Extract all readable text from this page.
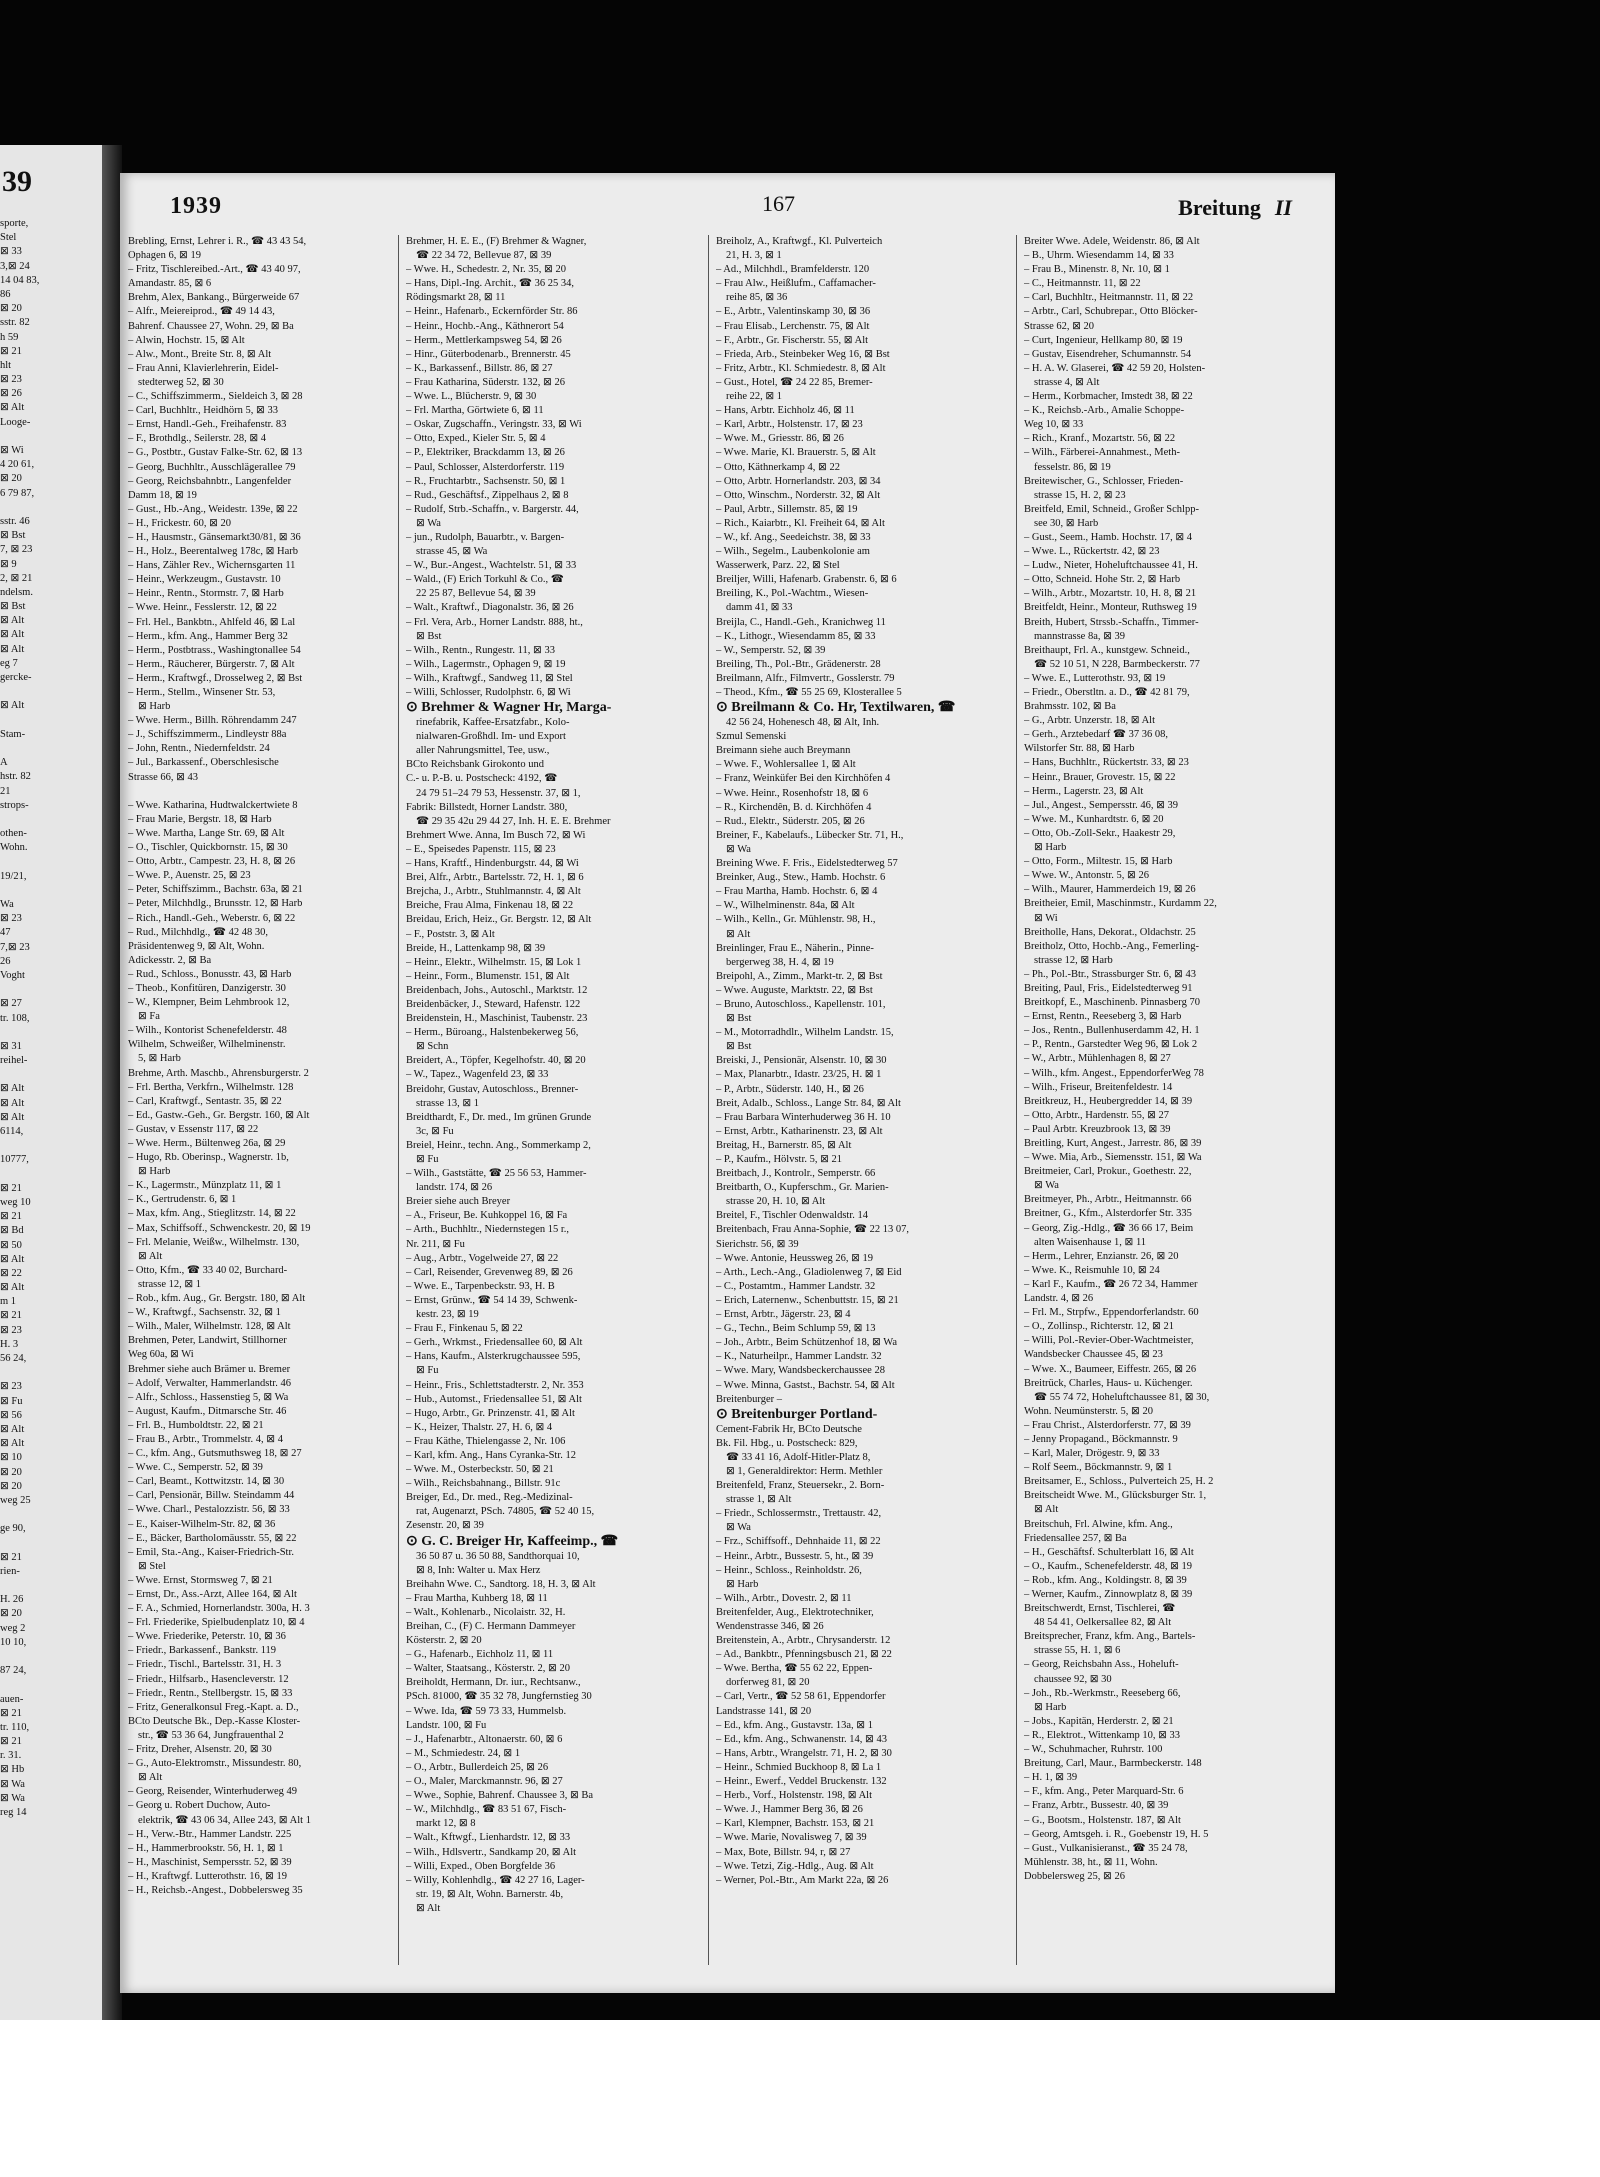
39
sporte,
Stel
⊠ 33
3,⊠ 24
14 04 83,
86
⊠ 20
sstr. 82
h 59
⊠ 21
hlt
⊠ 23
⊠ 26
⊠ Alt
Looge-
⊠ Wi
4 20 61,
⊠ 20
6 79 87,
sstr. 46
⊠ Bst
7, ⊠ 23
⊠ 9
2, ⊠ 21
ndelsm.
⊠ Bst
⊠ Alt
⊠ Alt
⊠ Alt
eg 7
gercke-
⊠ Alt
Stam-
A
hstr. 82
21
strops-
othen-
Wohn.
19/21,
Wa
⊠ 23
47
7,⊠ 23
26
Voght
⊠ 27
tr. 108,
⊠ 31
reihel-
⊠ Alt
⊠ Alt
⊠ Alt
6114,
10777,
⊠ 21
weg 10
⊠ 21
⊠ Bd
⊠ 50
⊠ Alt
⊠ 22
⊠ Alt
m 1
⊠ 21
⊠ 23
H. 3
56 24,
⊠ 23
⊠ Fu
⊠ 56
⊠ Alt
⊠ Alt
⊠ 10
⊠ 20
⊠ 20
weg 25
ge 90,
⊠ 21
rien-
H. 26
⊠ 20
weg 2
10 10,
87 24,
auen-
⊠ 21
tr. 110,
⊠ 21
r. 31.
⊠ Hb
⊠ Wa
⊠ Wa
reg 14
1939	167	Breitung II
Brebling, Ernst, Lehrer i. R., ☎ 43 43 54,
Ophagen 6, ⊠ 19
– Fritz, Tischlereibed.-Art., ☎ 43 40 97,
Amandastr. 85, ⊠ 6
Brehm, Alex, Bankang., Bürgerweide 67
– Alfr., Meiereiprod., ☎ 49 14 43,
Bahrenf. Chaussee 27, Wohn. 29, ⊠ Ba
– Alwin, Hochstr. 15, ⊠ Alt
– Alw., Mont., Breite Str. 8, ⊠ Alt
– Frau Anni, Klavierlehrerin, Eidel-
stedterweg 52, ⊠ 30
– C., Schiffszimmerm., Sieldeich 3, ⊠ 28
– Carl, Buchhltr., Heidhörn 5, ⊠ 33
– Ernst, Handl.-Geh., Freihafenstr. 83
– F., Brothdlg., Seilerstr. 28, ⊠ 4
– G., Postbtr., Gustav Falke-Str. 62, ⊠ 13
– Georg, Buchhltr., Ausschlägerallee 79
– Georg, Reichsbahnbtr., Langenfelder
Damm 18, ⊠ 19
– Gust., Hb.-Ang., Weidestr. 139e, ⊠ 22
– H., Frickestr. 60, ⊠ 20
– H., Hausmstr., Gänsemarkt30/81, ⊠ 36
– H., Holz., Beerentalweg 178c, ⊠ Harb
– Hans, Zähler Rev., Wichernsgarten 11
– Heinr., Werkzeugm., Gustavstr. 10
– Heinr., Rentn., Stormstr. 7, ⊠ Harb
– Wwe. Heinr., Fesslerstr. 12, ⊠ 22
– Frl. Hel., Bankbtn., Ahlfeld 46, ⊠ Lal
– Herm., kfm. Ang., Hammer Berg 32
– Herm., Postbtrass., Washingtonallee 54
– Herm., Räucherer, Bürgerstr. 7, ⊠ Alt
– Herm., Kraftwgf., Drosselweg 2, ⊠ Bst
– Herm., Stellm., Winsener Str. 53,
⊠ Harb
– Wwe. Herm., Billh. Röhrendamm 247
– J., Schiffszimmerm., Lindleystr 88a
– John, Rentn., Niedernfeldstr. 24
– Jul., Barkassenf., Oberschlesische
Strasse 66, ⊠ 43
– Wwe. Katharina, Hudtwalckertwiete 8
– Frau Marie, Bergstr. 18, ⊠ Harb
– Wwe. Martha, Lange Str. 69, ⊠ Alt
– O., Tischler, Quickbornstr. 15, ⊠ 30
– Otto, Arbtr., Campestr. 23, H. 8, ⊠ 26
– Wwe. P., Auenstr. 25, ⊠ 23
– Peter, Schiffszimm., Bachstr. 63a, ⊠ 21
– Peter, Milchhdlg., Brunsstr. 12, ⊠ Harb
– Rich., Handl.-Geh., Weberstr. 6, ⊠ 22
– Rud., Milchhdlg., ☎ 42 48 30,
Präsidentenweg 9, ⊠ Alt, Wohn.
Adickesstr. 2, ⊠ Ba
– Rud., Schloss., Bonusstr. 43, ⊠ Harb
– Theob., Konfitüren, Danzigerstr. 30
– W., Klempner, Beim Lehmbrook 12,
⊠ Fa
– Wilh., Kontorist Schenefelderstr. 48
Wilhelm, Schweißer, Wilhelminenstr.
5, ⊠ Harb
Brehme, Arth. Maschb., Ahrensburgerstr. 2
– Frl. Bertha, Verkfrn., Wilhelmstr. 128
– Carl, Kraftwgf., Sentastr. 35, ⊠ 22
– Ed., Gastw.-Geh., Gr. Bergstr. 160, ⊠ Alt
– Gustav, v Essenstr 117, ⊠ 22
– Wwe. Herm., Bültenweg 26a, ⊠ 29
– Hugo, Rb. Oberinsp., Wagnerstr. 1b,
⊠ Harb
– K., Lagermstr., Münzplatz 11, ⊠ 1
– K., Gertrudenstr. 6, ⊠ 1
– Max, kfm. Ang., Stieglitzstr. 14, ⊠ 22
– Max, Schiffsoff., Schwenckestr. 20, ⊠ 19
– Frl. Melanie, Weißw., Wilhelmstr. 130,
⊠ Alt
– Otto, Kfm., ☎ 33 40 02, Burchard-
strasse 12, ⊠ 1
– Rob., kfm. Aug., Gr. Bergstr. 180, ⊠ Alt
– W., Kraftwgf., Sachsenstr. 32, ⊠ 1
– Wilh., Maler, Wilhelmstr. 128, ⊠ Alt
Brehmen, Peter, Landwirt, Stillhorner
Weg 60a, ⊠ Wi
Brehmer siehe auch Brämer u. Bremer
– Adolf, Verwalter, Hammerlandstr. 46
– Alfr., Schloss., Hassenstieg 5, ⊠ Wa
– August, Kaufm., Ditmarsche Str. 46
– Frl. B., Humboldtstr. 22, ⊠ 21
– Frau B., Arbtr., Trommelstr. 4, ⊠ 4
– C., kfm. Ang., Gutsmuthsweg 18, ⊠ 27
– Wwe. C., Semperstr. 52, ⊠ 39
– Carl, Beamt., Kottwitzstr. 14, ⊠ 30
– Carl, Pensionär, Billw. Steindamm 44
– Wwe. Charl., Pestalozzistr. 56, ⊠ 33
– E., Kaiser-Wilhelm-Str. 82, ⊠ 36
– E., Bäcker, Bartholomäusstr. 55, ⊠ 22
– Emil, Sta.-Ang., Kaiser-Friedrich-Str.
⊠ Stel
– Wwe. Ernst, Stormsweg 7, ⊠ 21
– Ernst, Dr., Ass.-Arzt, Allee 164, ⊠ Alt
– F. A., Schmied, Hornerlandstr. 300a, H. 3
– Frl. Friederike, Spielbudenplatz 10, ⊠ 4
– Wwe. Friederike, Peterstr. 10, ⊠ 36
– Friedr., Barkassenf., Bankstr. 119
– Friedr., Tischl., Bartelsstr. 31, H. 3
– Friedr., Hilfsarb., Hasencleverstr. 12
– Friedr., Rentn., Stellbergstr. 15, ⊠ 33
– Fritz, Generalkonsul Freg.-Kapt. a. D.,
BCto Deutsche Bk., Dep.-Kasse Kloster-
str., ☎ 53 36 64, Jungfrauenthal 2
– Fritz, Dreher, Alsenstr. 20, ⊠ 30
– G., Auto-Elektromstr., Missundestr. 80,
⊠ Alt
– Georg, Reisender, Winterhuderweg 49
– Georg u. Robert Duchow, Auto-
elektrik, ☎ 43 06 34, Allee 243, ⊠ Alt 1
– H., Verw.-Btr., Hammer Landstr. 225
– H., Hammerbrookstr. 56, H. 1, ⊠ 1
– H., Maschinist, Sempersstr. 52, ⊠ 39
– H., Kraftwgf. Lutterothstr. 16, ⊠ 19
– H., Reichsb.-Angest., Dobbelersweg 35
Brehmer, H. E. E., (F) Brehmer & Wagner,
☎ 22 34 72, Bellevue 87, ⊠ 39
– Wwe. H., Schedestr. 2, Nr. 35, ⊠ 20
– Hans, Dipl.-Ing. Archit., ☎ 36 25 34,
Rödingsmarkt 28, ⊠ 11
– Heinr., Hafenarb., Eckernförder Str. 86
– Heinr., Hochb.-Ang., Käthnerort 54
– Herm., Mettlerkampsweg 54, ⊠ 26
– Hinr., Güterbodenarb., Brennerstr. 45
– K., Barkassenf., Billstr. 86, ⊠ 27
– Frau Katharina, Süderstr. 132, ⊠ 26
– Wwe. L., Blücherstr. 9, ⊠ 30
– Frl. Martha, Görtwiete 6, ⊠ 11
– Oskar, Zugschaffn., Veringstr. 33, ⊠ Wi
– Otto, Exped., Kieler Str. 5, ⊠ 4
– P., Elektriker, Brackdamm 13, ⊠ 26
– Paul, Schlosser, Alsterdorferstr. 119
– R., Fruchtarbtr., Sachsenstr. 50, ⊠ 1
– Rud., Geschäftsf., Zippelhaus 2, ⊠ 8
– Rudolf, Strb.-Schaffn., v. Bargerstr. 44,
⊠ Wa
– jun., Rudolph, Bauarbtr., v. Bargen-
strasse 45, ⊠ Wa
– W., Bur.-Angest., Wachtelstr. 51, ⊠ 33
– Wald., (F) Erich Torkuhl & Co., ☎
22 25 87, Bellevue 54, ⊠ 39
– Walt., Kraftwf., Diagonalstr. 36, ⊠ 26
– Frl. Vera, Arb., Horner Landstr. 888, ht.,
⊠ Bst
– Wilh., Rentn., Rungestr. 11, ⊠ 33
– Wilh., Lagermstr., Ophagen 9, ⊠ 19
– Wilh., Kraftwgf., Sandweg 11, ⊠ Stel
– Willi, Schlosser, Rudolphstr. 6, ⊠ Wi
⊙ Brehmer & Wagner Hr, Marga-
rinefabrik, Kaffee-Ersatzfabr., Kolo-
nialwaren-Großhdl. Im- und Export
aller Nahrungsmittel, Tee, usw.,
BCto Reichsbank Girokonto und
C.- u. P.-B. u. Postscheck: 4192, ☎
24 79 51–24 79 53, Hessenstr. 37, ⊠ 1,
Fabrik: Billstedt, Horner Landstr. 380,
☎ 29 35 42u 29 44 27, Inh. H. E. E. Brehmer
Brehmert Wwe. Anna, Im Busch 72, ⊠ Wi
– E., Speisedes Papenstr. 115, ⊠ 23
– Hans, Kraftf., Hindenburgstr. 44, ⊠ Wi
Brei, Alfr., Arbtr., Bartelsstr. 72, H. 1, ⊠ 6
Brejcha, J., Arbtr., Stuhlmannstr. 4, ⊠ Alt
Breiche, Frau Alma, Finkenau 18, ⊠ 22
Breidau, Erich, Heiz., Gr. Bergstr. 12, ⊠ Alt
– F., Poststr. 3, ⊠ Alt
Breide, H., Lattenkamp 98, ⊠ 39
– Heinr., Elektr., Wilhelmstr. 15, ⊠ Lok 1
– Heinr., Form., Blumenstr. 151, ⊠ Alt
Breidenbach, Johs., Autoschl., Marktstr. 12
Breidenbäcker, J., Steward, Hafenstr. 122
Breidenstein, H., Maschinist, Taubenstr. 23
– Herm., Büroang., Halstenbekerweg 56,
⊠ Schn
Breidert, A., Töpfer, Kegelhofstr. 40, ⊠ 20
– W., Tapez., Wagenfeld 23, ⊠ 33
Breidohr, Gustav, Autoschloss., Brenner-
strasse 13, ⊠ 1
Breidthardt, F., Dr. med., Im grünen Grunde
3c, ⊠ Fu
Breiel, Heinr., techn. Ang., Sommerkamp 2,
⊠ Fu
– Wilh., Gaststätte, ☎ 25 56 53, Hammer-
landstr. 174, ⊠ 26
Breier siehe auch Breyer
– A., Friseur, Be. Kuhkoppel 16, ⊠ Fa
– Arth., Buchhltr., Niedernstegen 15 r.,
Nr. 211, ⊠ Fu
– Aug., Arbtr., Vogelweide 27, ⊠ 22
– Carl, Reisender, Grevenweg 89, ⊠ 26
– Wwe. E., Tarpenbeckstr. 93, H. B
– Ernst, Grünw., ☎ 54 14 39, Schwenk-
kestr. 23, ⊠ 19
– Frau F., Finkenau 5, ⊠ 22
– Gerh., Wrkmst., Friedensallee 60, ⊠ Alt
– Hans, Kaufm., Alsterkrugchaussee 595,
⊠ Fu
– Heinr., Fris., Schlettstadterstr. 2, Nr. 353
– Hub., Automst., Friedensallee 51, ⊠ Alt
– Hugo, Arbtr., Gr. Prinzenstr. 41, ⊠ Alt
– K., Heizer, Thalstr. 27, H. 6, ⊠ 4
– Frau Käthe, Thielengasse 2, Nr. 106
– Karl, kfm. Ang., Hans Cyranka-Str. 12
– Wwe. M., Osterbeckstr. 50, ⊠ 21
– Wilh., Reichsbahnang., Billstr. 91c
Breiger, Ed., Dr. med., Reg.-Medizinal-
rat, Augenarzt, PSch. 74805, ☎ 52 40 15,
Zesenstr. 20, ⊠ 39
⊙ G. C. Breiger Hr, Kaffeeimp., ☎
36 50 87 u. 36 50 88, Sandthorquai 10,
⊠ 8, Inh: Walter u. Max Herz
Breihahn Wwe. C., Sandtorg. 18, H. 3, ⊠ Alt
– Frau Martha, Kuhberg 18, ⊠ 11
– Walt., Kohlenarb., Nicolaistr. 32, H.
Breihan, C., (F) C. Hermann Dammeyer
Kösterstr. 2, ⊠ 20
– G., Hafenarb., Eichholz 11, ⊠ 11
– Walter, Staatsang., Kösterstr. 2, ⊠ 20
Breiholdt, Hermann, Dr. iur., Rechtsanw.,
PSch. 81000, ☎ 35 32 78, Jungfernstieg 30
– Wwe. Ida, ☎ 59 73 33, Hummelsb.
Landstr. 100, ⊠ Fu
– J., Hafenarbtr., Altonaerstr. 60, ⊠ 6
– M., Schmiedestr. 24, ⊠ 1
– O., Arbtr., Bullerdeich 25, ⊠ 26
– O., Maler, Marckmannstr. 96, ⊠ 27
– Wwe., Sophie, Bahrenf. Chaussee 3, ⊠ Ba
– W., Milchhdlg., ☎ 83 51 67, Fisch-
markt 12, ⊠ 8
– Walt., Kftwgf., Lienhardstr. 12, ⊠ 33
– Wilh., Hdlsvertr., Sandkamp 20, ⊠ Alt
– Willi, Exped., Oben Borgfelde 36
– Willy, Kohlenhdlg., ☎ 42 27 16, Lager-
str. 19, ⊠ Alt, Wohn. Barnerstr. 4b,
⊠ Alt
Breiholz, A., Kraftwgf., Kl. Pulverteich
21, H. 3, ⊠ 1
– Ad., Milchhdl., Bramfelderstr. 120
– Frau Alw., Heißlufm., Caffamacher-
reihe 85, ⊠ 36
– E., Arbtr., Valentinskamp 30, ⊠ 36
– Frau Elisab., Lerchenstr. 75, ⊠ Alt
– F., Arbtr., Gr. Fischerstr. 55, ⊠ Alt
– Frieda, Arb., Steinbeker Weg 16, ⊠ Bst
– Fritz, Arbtr., Kl. Schmiedestr. 8, ⊠ Alt
– Gust., Hotel, ☎ 24 22 85, Bremer-
reihe 22, ⊠ 1
– Hans, Arbtr. Eichholz 46, ⊠ 11
– Karl, Arbtr., Holstenstr. 17, ⊠ 23
– Wwe. M., Griesstr. 86, ⊠ 26
– Wwe. Marie, Kl. Brauerstr. 5, ⊠ Alt
– Otto, Käthnerkamp 4, ⊠ 22
– Otto, Arbtr. Hornerlandstr. 203, ⊠ 34
– Otto, Winschm., Norderstr. 32, ⊠ Alt
– Paul, Arbtr., Sillemstr. 85, ⊠ 19
– Rich., Kaiarbtr., Kl. Freiheit 64, ⊠ Alt
– W., kf. Ang., Seedeichstr. 38, ⊠ 33
– Wilh., Segelm., Laubenkolonie am
Wasserwerk, Parz. 22, ⊠ Stel
Breiljer, Willi, Hafenarb. Grabenstr. 6, ⊠ 6
Breiling, K., Pol.-Wachtm., Wiesen-
damm 41, ⊠ 33
Breijla, C., Handl.-Geh., Kranichweg 11
– K., Lithogr., Wiesendamm 85, ⊠ 33
– W., Semperstr. 52, ⊠ 39
Breiling, Th., Pol.-Btr., Grädenerstr. 28
Breilmann, Alfr., Filmvertr., Gosslerstr. 79
– Theod., Kfm., ☎ 55 25 69, Klosterallee 5
⊙ Breilmann & Co. Hr, Textilwaren, ☎
42 56 24, Hohenesch 48, ⊠ Alt, Inh.
Szmul Semenski
Breimann siehe auch Breymann
– Wwe. F., Wohlersallee 1, ⊠ Alt
– Franz, Weinküfer Bei den Kirchhöfen 4
– Wwe. Heinr., Rosenhofstr 18, ⊠ 6
– R., Kirchendên, B. d. Kirchhöfen 4
– Rud., Elektr., Süderstr. 205, ⊠ 26
Breiner, F., Kabelaufs., Lübecker Str. 71, H.,
⊠ Wa
Breining Wwe. F. Fris., Eidelstedterweg 57
Breinker, Aug., Stew., Hamb. Hochstr. 6
– Frau Martha, Hamb. Hochstr. 6, ⊠ 4
– W., Wilhelminenstr. 84a, ⊠ Alt
– Wilh., Kelln., Gr. Mühlenstr. 98, H.,
⊠ Alt
Breinlinger, Frau E., Näherin., Pinne-
bergerweg 38, H. 4, ⊠ 19
Breipohl, A., Zimm., Markt-tr. 2, ⊠ Bst
– Wwe. Auguste, Marktstr. 22, ⊠ Bst
– Bruno, Autoschloss., Kapellenstr. 101,
⊠ Bst
– M., Motorradhdlr., Wilhelm Landstr. 15,
⊠ Bst
Breiski, J., Pensionär, Alsenstr. 10, ⊠ 30
– Max, Planarbtr., Idastr. 23/25, H. ⊠ 1
– P., Arbtr., Süderstr. 140, H., ⊠ 26
Breit, Adalb., Schloss., Lange Str. 84, ⊠ Alt
– Frau Barbara Winterhuderweg 36 H. 10
– Ernst, Arbtr., Katharinenstr. 23, ⊠ Alt
Breitag, H., Barnerstr. 85, ⊠ Alt
– P., Kaufm., Hölvstr. 5, ⊠ 21
Breitbach, J., Kontrolr., Semperstr. 66
Breitbarth, O., Kupferschm., Gr. Marien-
strasse 20, H. 10, ⊠ Alt
Breitel, F., Tischler Odenwaldstr. 14
Breitenbach, Frau Anna-Sophie, ☎ 22 13 07,
Sierichstr. 56, ⊠ 39
– Wwe. Antonie, Heussweg 26, ⊠ 19
– Arth., Lech.-Ang., Gladiolenweg 7, ⊠ Eid
– C., Postamtm., Hammer Landstr. 32
– Erich, Laternenw., Schenbuttstr. 15, ⊠ 21
– Ernst, Arbtr., Jägerstr. 23, ⊠ 4
– G., Techn., Beim Schlump 59, ⊠ 13
– Joh., Arbtr., Beim Schützenhof 18, ⊠ Wa
– K., Naturheilpr., Hammer Landstr. 32
– Wwe. Mary, Wandsbeckerchaussee 28
– Wwe. Minna, Gastst., Bachstr. 54, ⊠ Alt
Breitenburger –
⊙ Breitenburger Portland-
Cement-Fabrik Hr, BCto Deutsche
Bk. Fil. Hbg., u. Postscheck: 829,
☎ 33 41 16, Adolf-Hitler-Platz 8,
⊠ 1, Generaldirektor: Herm. Methler
Breitenfeld, Franz, Steuersekr., 2. Born-
strasse 1, ⊠ Alt
– Friedr., Schlossermstr., Trettaustr. 42,
⊠ Wa
– Frz., Schiffsoff., Dehnhaide 11, ⊠ 22
– Heinr., Arbtr., Bussestr. 5, ht., ⊠ 39
– Heinr., Schloss., Reinholdstr. 26,
⊠ Harb
– Wilh., Arbtr., Dovestr. 2, ⊠ 11
Breitenfelder, Aug., Elektrotechniker,
Wendenstrasse 346, ⊠ 26
Breitenstein, A., Arbtr., Chrysanderstr. 12
– Ad., Bankbtr., Pfenningsbusch 21, ⊠ 22
– Wwe. Bertha, ☎ 55 62 22, Eppen-
dorferweg 81, ⊠ 20
– Carl, Vertr., ☎ 52 58 61, Eppendorfer
Landstrasse 141, ⊠ 20
– Ed., kfm. Ang., Gustavstr. 13a, ⊠ 1
– Ed., kfm. Ang., Schwanenstr. 14, ⊠ 43
– Hans, Arbtr., Wrangelstr. 71, H. 2, ⊠ 30
– Heinr., Schmied Buckhoop 8, ⊠ La 1
– Heinr., Ewerf., Veddel Bruckenstr. 132
– Herb., Vorf., Holstenstr. 198, ⊠ Alt
– Wwe. J., Hammer Berg 36, ⊠ 26
– Karl, Klempner, Bachstr. 153, ⊠ 21
– Wwe. Marie, Novalisweg 7, ⊠ 39
– Max, Bote, Billstr. 94, r, ⊠ 27
– Wwe. Tetzi, Zig.-Hdlg., Aug. ⊠ Alt
– Werner, Pol.-Btr., Am Markt 22a, ⊠ 26
Breiter Wwe. Adele, Weidenstr. 86, ⊠ Alt
– B., Uhrm. Wiesendamm 14, ⊠ 33
– Frau B., Minenstr. 8, Nr. 10, ⊠ 1
– C., Heitmannstr. 11, ⊠ 22
– Carl, Buchhltr., Heitmannstr. 11, ⊠ 22
– Arbtr., Carl, Schubrepar., Otto Blöcker-
Strasse 62, ⊠ 20
– Curt, Ingenieur, Hellkamp 80, ⊠ 19
– Gustav, Eisendreher, Schumannstr. 54
– H. A. W. Glaserei, ☎ 42 59 20, Holsten-
strasse 4, ⊠ Alt
– Herm., Korbmacher, Imstedt 38, ⊠ 22
– K., Reichsb.-Arb., Amalie Schoppe-
Weg 10, ⊠ 33
– Rich., Kranf., Mozartstr. 56, ⊠ 22
– Wilh., Färberei-Annahmest., Meth-
fesselstr. 86, ⊠ 19
Breitewischer, G., Schlosser, Frieden-
strasse 15, H. 2, ⊠ 23
Breitfeld, Emil, Schneid., Großer Schlpp-
see 30, ⊠ Harb
– Gust., Seem., Hamb. Hochstr. 17, ⊠ 4
– Wwe. L., Rückertstr. 42, ⊠ 23
– Ludw., Nieter, Hoheluftchaussee 41, H.
– Otto, Schneid. Hohe Str. 2, ⊠ Harb
– Wilh., Arbtr., Mozartstr. 10, H. 8, ⊠ 21
Breitfeldt, Heinr., Monteur, Ruthsweg 19
Breith, Hubert, Strssb.-Schaffn., Timmer-
mannstrasse 8a, ⊠ 39
Breithaupt, Frl. A., kunstgew. Schneid.,
☎ 52 10 51, N 228, Barmbeckerstr. 77
– Wwe. E., Lutterothstr. 93, ⊠ 19
– Friedr., Oberstltn. a. D., ☎ 42 81 79,
Brahmsstr. 102, ⊠ Ba
– G., Arbtr. Unzerstr. 18, ⊠ Alt
– Gerh., Arztebedarf ☎ 37 36 08,
Wilstorfer Str. 88, ⊠ Harb
– Hans, Buchhltr., Rückertstr. 33, ⊠ 23
– Heinr., Brauer, Grovestr. 15, ⊠ 22
– Herm., Lagerstr. 23, ⊠ Alt
– Jul., Angest., Sempersstr. 46, ⊠ 39
– Wwe. M., Kunhardtstr. 6, ⊠ 20
– Otto, Ob.-Zoll-Sekr., Haakestr 29,
⊠ Harb
– Otto, Form., Miltestr. 15, ⊠ Harb
– Wwe. W., Antonstr. 5, ⊠ 26
– Wilh., Maurer, Hammerdeich 19, ⊠ 26
Breitheier, Emil, Maschinmstr., Kurdamm 22,
⊠ Wi
Breitholle, Hans, Dekorat., Oldachstr. 25
Breitholz, Otto, Hochb.-Ang., Femerling-
strasse 12, ⊠ Harb
– Ph., Pol.-Btr., Strassburger Str. 6, ⊠ 43
Breiting, Paul, Fris., Eidelstedterweg 91
Breitkopf, E., Maschinenb. Pinnasberg 70
– Ernst, Rentn., Reeseberg 3, ⊠ Harb
– Jos., Rentn., Bullenhuserdamm 42, H. 1
– P., Rentn., Garstedter Weg 96, ⊠ Lok 2
– W., Arbtr., Mühlenhagen 8, ⊠ 27
– Wilh., kfm. Angest., EppendorferWeg 78
– Wilh., Friseur, Breitenfeldestr. 14
Breitkreuz, H., Heubergredder 14, ⊠ 39
– Otto, Arbtr., Hardenstr. 55, ⊠ 27
– Paul Arbtr. Kreuzbrook 13, ⊠ 39
Breitling, Kurt, Angest., Jarrestr. 86, ⊠ 39
– Wwe. Mia, Arb., Siemensstr. 151, ⊠ Wa
Breitmeier, Carl, Prokur., Goethestr. 22,
⊠ Wa
Breitmeyer, Ph., Arbtr., Heitmannstr. 66
Breitner, G., Kfm., Alsterdorfer Str. 335
– Georg, Zig.-Hdlg., ☎ 36 66 17, Beim
alten Waisenhause 1, ⊠ 11
– Herm., Lehrer, Enzianstr. 26, ⊠ 20
– Wwe. K., Reismuhle 10, ⊠ 24
– Karl F., Kaufm., ☎ 26 72 34, Hammer
Landstr. 4, ⊠ 26
– Frl. M., Strpfw., Eppendorferlandstr. 60
– O., Zollinsp., Richterstr. 12, ⊠ 21
– Willi, Pol.-Revier-Ober-Wachtmeister,
Wandsbecker Chaussee 45, ⊠ 23
– Wwe. X., Baumeer, Eiffestr. 265, ⊠ 26
Breitrück, Charles, Haus- u. Küchenger.
☎ 55 74 72, Hoheluftchaussee 81, ⊠ 30,
Wohn. Neumünsterstr. 5, ⊠ 20
– Frau Christ., Alsterdorferstr. 77, ⊠ 39
– Jenny Propagand., Böckmannstr. 9
– Karl, Maler, Drögestr. 9, ⊠ 33
– Rolf Seem., Böckmannstr. 9, ⊠ 1
Breitsamer, E., Schloss., Pulverteich 25, H. 2
Breitscheidt Wwe. M., Glücksburger Str. 1,
⊠ Alt
Breitschuh, Frl. Alwine, kfm. Ang.,
Friedensallee 257, ⊠ Ba
– H., Geschäftsf. Schulterblatt 16, ⊠ Alt
– O., Kaufm., Schenefelderstr. 48, ⊠ 19
– Rob., kfm. Ang., Koldingstr. 8, ⊠ 39
– Werner, Kaufm., Zinnowplatz 8, ⊠ 39
Breitschwerdt, Ernst, Tischlerei, ☎
48 54 41, Oelkersallee 82, ⊠ Alt
Breitsprecher, Franz, kfm. Ang., Bartels-
strasse 55, H. 1, ⊠ 6
– Georg, Reichsbahn Ass., Hoheluft-
chaussee 92, ⊠ 30
– Joh., Rb.-Werkmstr., Reeseberg 66,
⊠ Harb
– Jobs., Kapitän, Herderstr. 2, ⊠ 21
– R., Elektrot., Wittenkamp 10, ⊠ 33
– W., Schuhmacher, Ruhrstr. 100
Breitung, Carl, Maur., Barmbeckerstr. 148
– H. 1, ⊠ 39
– F., kfm. Ang., Peter Marquard-Str. 6
– Franz, Arbtr., Bussestr. 40, ⊠ 39
– G., Bootsm., Holstenstr. 187, ⊠ Alt
– Georg, Amtsgeh. i. R., Goebenstr 19, H. 5
– Gust., Vulkanisieranst., ☎ 35 24 78,
Mühlenstr. 38, ht., ⊠ 11, Wohn.
Dobbelersweg 25, ⊠ 26
